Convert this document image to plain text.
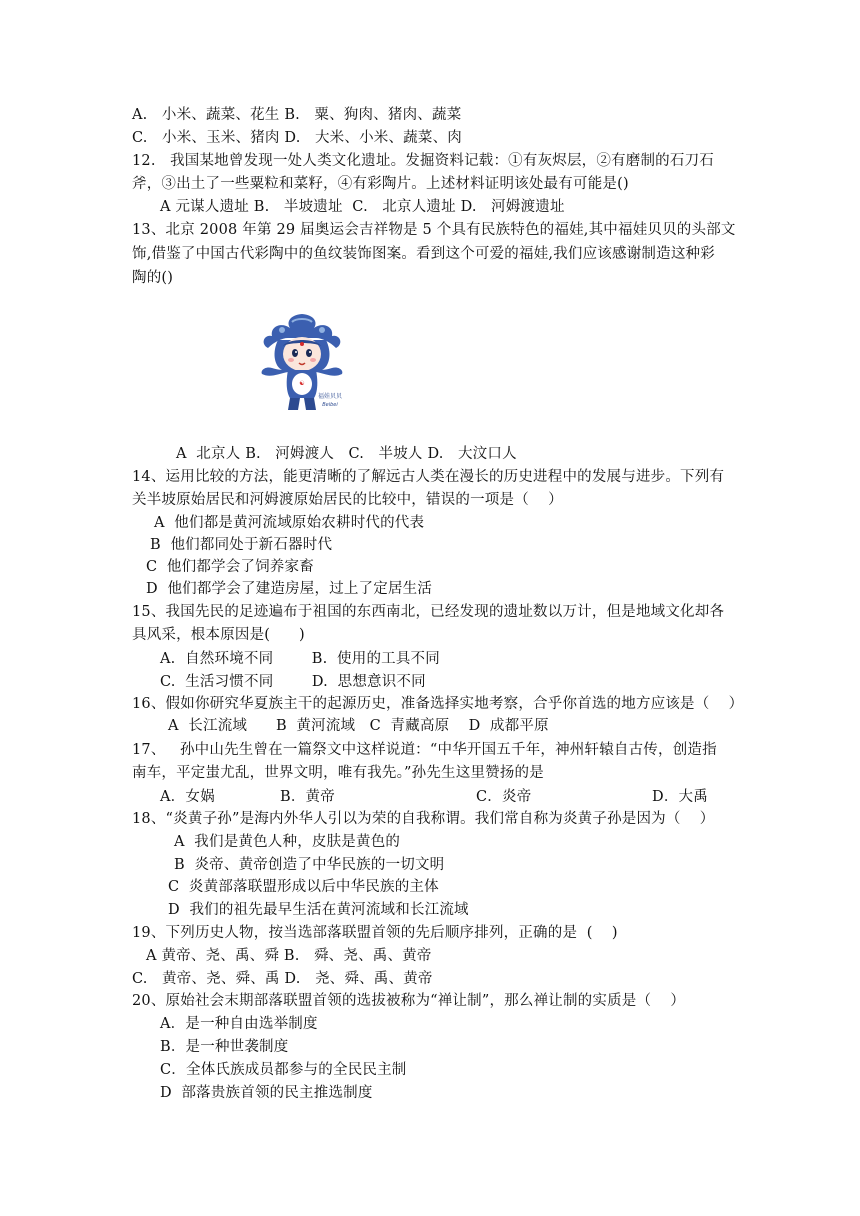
A.   小米、蔬菜、花生 B.   粟、狗肉、猪肉、蔬菜
C.   小米、玉米、猪肉 D.   大米、小米、蔬菜、肉
12.   我国某地曾发现一处人类文化遗址。发掘资料记载：①有灰烬层，②有磨制的石刀石
斧，③出土了一些粟粒和菜籽，④有彩陶片。上述材料证明该处最有可能是()
A 元谋人遗址 B.   半坡遗址  C.   北京人遗址 D.   河姆渡遗址
13、北京 2008 年第 29 届奥运会吉祥物是 5 个具有民族特色的福娃,其中福娃贝贝的头部文
饰,借鉴了中国古代彩陶中的鱼纹装饰图案。看到这个可爱的福娃,我们应该感谢制造这种彩
陶的()
☯
福娃贝贝
Beibei
A  北京人 B.   河姆渡人   C.   半坡人 D.   大汶口人
14、运用比较的方法，能更清晰的了解远古人类在漫长的历史进程中的发展与进步。下列有
关半坡原始居民和河姆渡原始居民的比较中，错误的一项是（    ）
A  他们都是黄河流域原始农耕时代的代表
B  他们都同处于新石器时代
C  他们都学会了饲养家畜
D  他们都学会了建造房屋，过上了定居生活
15、我国先民的足迹遍布于祖国的东西南北，已经发现的遗址数以万计，但是地域文化却各
具风采，根本原因是(      )
A.  自然环境不同        B.  使用的工具不同
C.  生活习惯不同        D.  思想意识不同
16、假如你研究华夏族主干的起源历史，准备选择实地考察，合乎你首选的地方应该是（    ）
A  长江流域      B  黄河流域   C  青藏高原    D  成都平原
17、   孙中山先生曾在一篇祭文中这样说道：“中华开国五千年，神州轩辕自古传，创造指
南车，平定蚩尤乱，世界文明，唯有我先。”孙先生这里赞扬的是
A．女娲	B．黄帝	C．炎帝	D．大禹
18、“炎黄子孙”是海内外华人引以为荣的自我称谓。我们常自称为炎黄子孙是因为（    ）
A  我们是黄色人种，皮肤是黄色的
B  炎帝、黄帝创造了中华民族的一切文明
C  炎黄部落联盟形成以后中华民族的主体
D  我们的祖先最早生活在黄河流域和长江流域
19、下列历史人物，按当选部落联盟首领的先后顺序排列，正确的是  (    )
A 黄帝、尧、禹、舜 B.   舜、尧、禹、黄帝
C.   黄帝、尧、舜、禹 D.   尧、舜、禹、黄帝
20、原始社会末期部落联盟首领的选拔被称为“禅让制”，那么禅让制的实质是（    ）
A．是一种自由选举制度
B．是一种世袭制度
C．全体氏族成员都参与的全民民主制
D  部落贵族首领的民主推选制度
